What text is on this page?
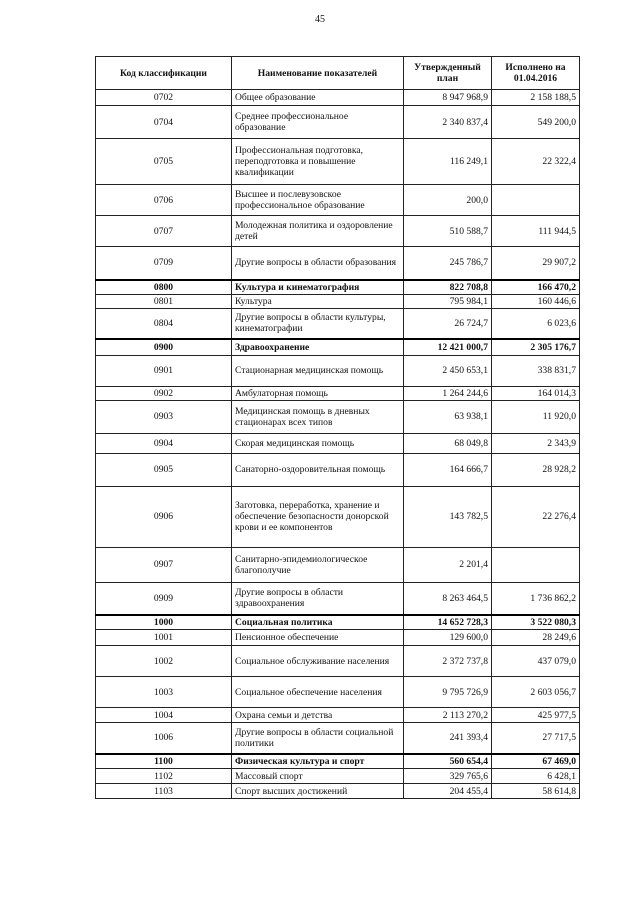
45
Код классификации	Наименование показателей	Утвержденный план	Исполнено на 01.04.2016
0702	Общее образование	8 947 968,9	2 158 188,5
0704	Среднее профессиональное образование	2 340 837,4	549 200,0
0705	Профессиональная подготовка, переподготовка и повышение квалификации	116 249,1	22 322,4
0706	Высшее и послевузовское профессиональное образование	200,0	
0707	Молодежная политика и оздоровление детей	510 588,7	111 944,5
0709	Другие вопросы в области образования	245 786,7	29 907,2
0800	Культура и кинематография	822 708,8	166 470,2
0801	Культура	795 984,1	160 446,6
0804	Другие вопросы в области культуры, кинематографии	26 724,7	6 023,6
0900	Здравоохранение	12 421 000,7	2 305 176,7
0901	Стационарная медицинская помощь	2 450 653,1	338 831,7
0902	Амбулаторная помощь	1 264 244,6	164 014,3
0903	Медицинская помощь в дневных стационарах всех типов	63 938,1	11 920,0
0904	Скорая медицинская помощь	68 049,8	2 343,9
0905	Санаторно-оздоровительная помощь	164 666,7	28 928,2
0906	Заготовка, переработка, хранение и обеспечение безопасности донорской крови и ее компонентов	143 782,5	22 276,4
0907	Санитарно-эпидемиологическое благополучие	2 201,4	
0909	Другие вопросы в области здравоохранения	8 263 464,5	1 736 862,2
1000	Социальная политика	14 652 728,3	3 522 080,3
1001	Пенсионное обеспечение	129 600,0	28 249,6
1002	Социальное обслуживание населения	2 372 737,8	437 079,0
1003	Социальное обеспечение населения	9 795 726,9	2 603 056,7
1004	Охрана семьи и детства	2 113 270,2	425 977,5
1006	Другие вопросы в области социальной политики	241 393,4	27 717,5
1100	Физическая культура и спорт	560 654,4	67 469,0
1102	Массовый спорт	329 765,6	6 428,1
1103	Спорт высших достижений	204 455,4	58 614,8
